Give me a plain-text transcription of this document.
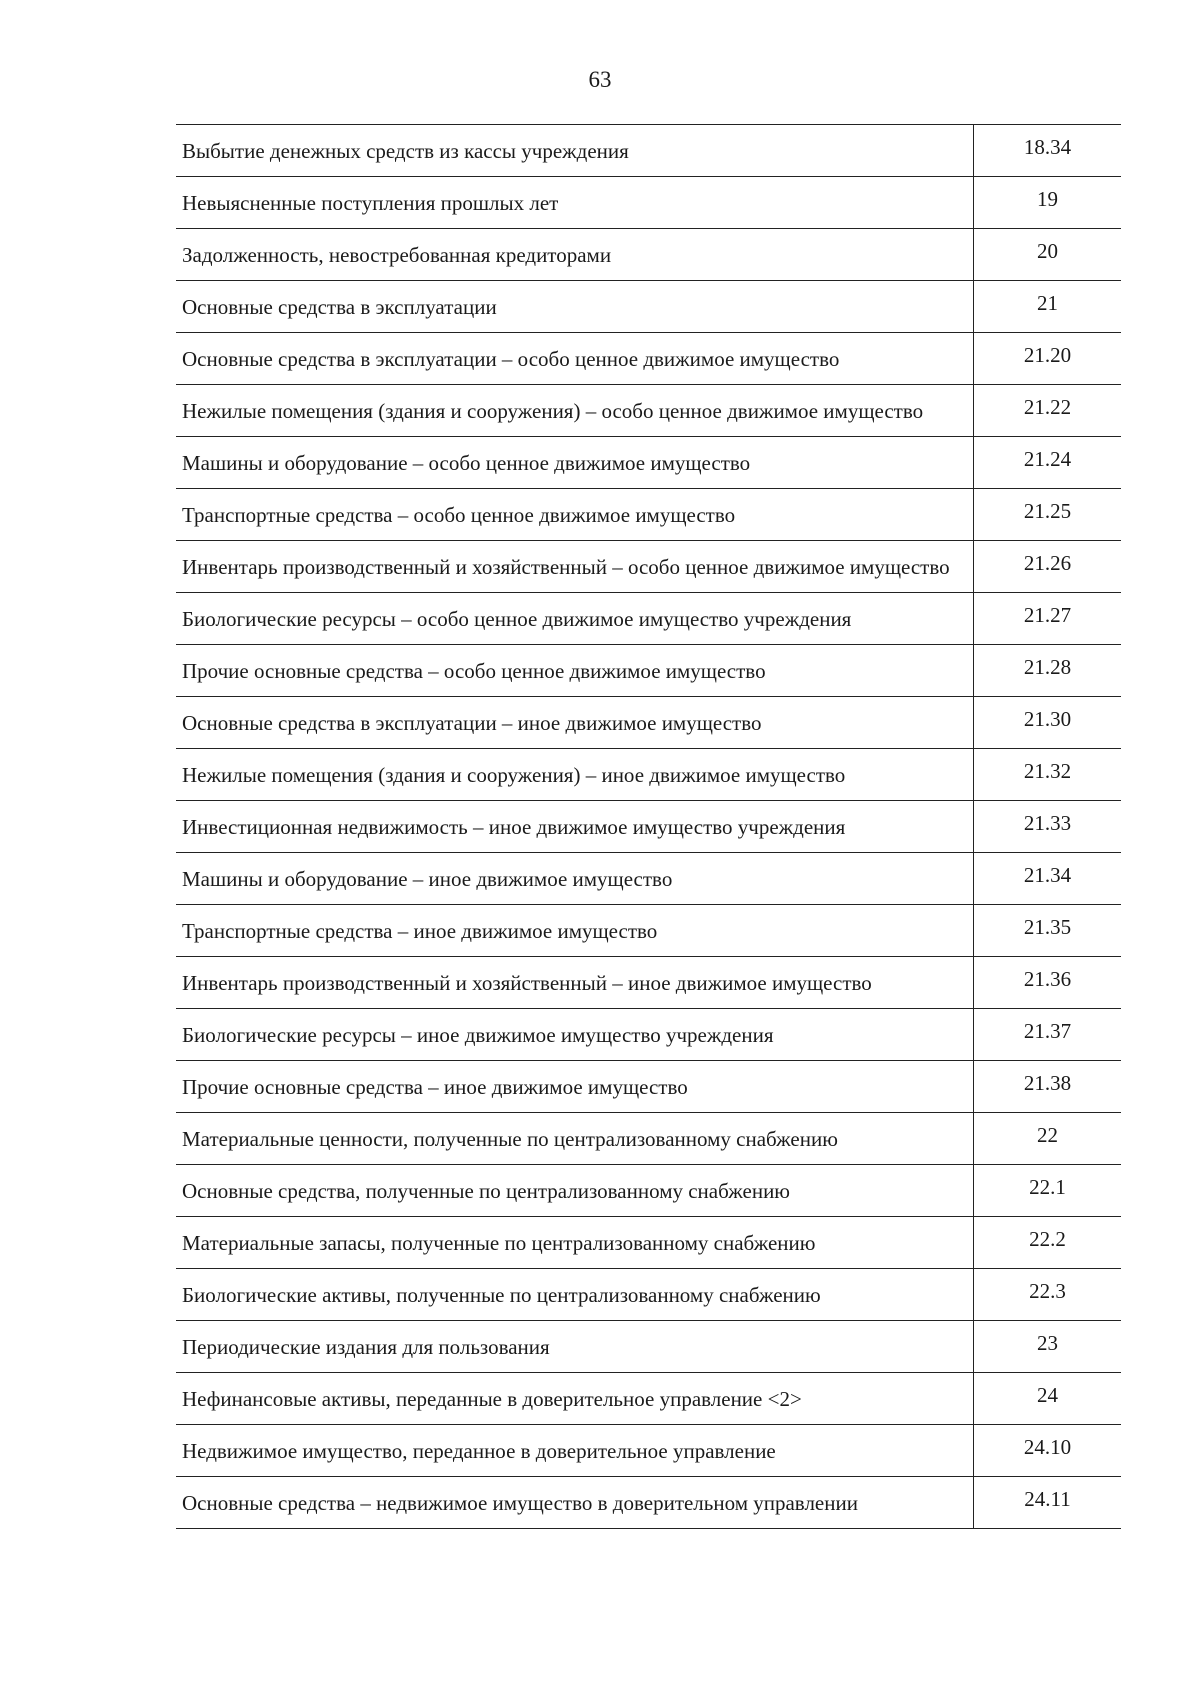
63
Выбытие денежных средств из кассы учреждения	18.34
Невыясненные поступления прошлых лет	19
Задолженность, невостребованная кредиторами	20
Основные средства в эксплуатации	21
Основные средства в эксплуатации – особо ценное движимое имущество	21.20
Нежилые помещения (здания и сооружения) – особо ценное движимое имущество	21.22
Машины и оборудование – особо ценное движимое имущество	21.24
Транспортные средства – особо ценное движимое имущество	21.25
Инвентарь производственный и хозяйственный – особо ценное движимое имущество	21.26
Биологические ресурсы – особо ценное движимое имущество учреждения	21.27
Прочие основные средства – особо ценное движимое имущество	21.28
Основные средства в эксплуатации – иное движимое имущество	21.30
Нежилые помещения (здания и сооружения) – иное движимое имущество	21.32
Инвестиционная недвижимость – иное движимое имущество учреждения	21.33
Машины и оборудование – иное движимое имущество	21.34
Транспортные средства – иное движимое имущество	21.35
Инвентарь производственный и хозяйственный – иное движимое имущество	21.36
Биологические ресурсы – иное движимое имущество учреждения	21.37
Прочие основные средства – иное движимое имущество	21.38
Материальные ценности, полученные по централизованному снабжению	22
Основные средства, полученные по централизованному снабжению	22.1
Материальные запасы, полученные по централизованному снабжению	22.2
Биологические активы, полученные по централизованному снабжению	22.3
Периодические издания для пользования	23
Нефинансовые активы, переданные в доверительное управление <2>	24
Недвижимое имущество, переданное в доверительное управление	24.10
Основные средства – недвижимое имущество в доверительном управлении	24.11
